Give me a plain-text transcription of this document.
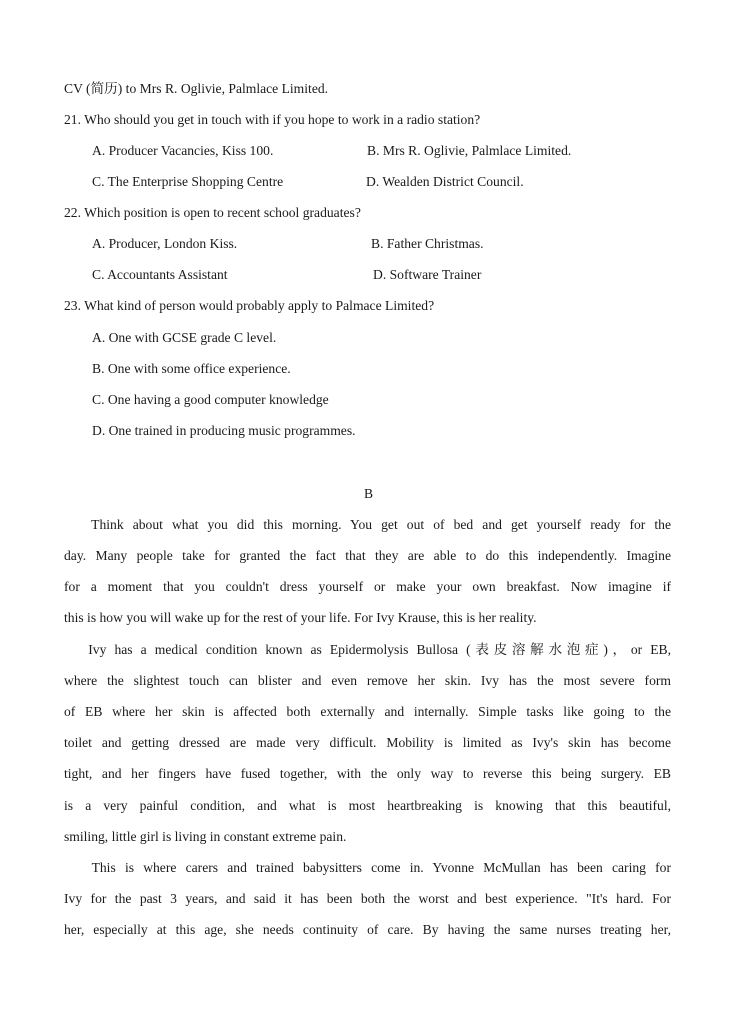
CV (简历) to Mrs R. Oglivie, Palmlace Limited.
21. Who should you get in touch with if you hope to work in a radio station?
A. Producer Vacancies, Kiss 100.	B. Mrs R. Oglivie, Palmlace Limited.
C. The Enterprise Shopping Centre	D. Wealden District Council.
22. Which position is open to recent school graduates?
A. Producer, London Kiss.	B. Father Christmas.
C. Accountants Assistant	D. Software Trainer
23. What kind of person would probably apply to Palmace Limited?
A. One with GCSE grade C level.
B. One with some office experience.
C. One having a good computer knowledge
D. One trained in producing music programmes.
B
Think about what you did this morning. You get out of bed and get yourself ready for the
day. Many people take for granted the fact that they are able to do this independently. Imagine
for a moment that you couldn't dress yourself or make your own breakfast. Now imagine if
this is how you will wake up for the rest of your life. For Ivy Krause, this is her reality.
Ivy has a medical condition known as Epidermolysis Bullosa (表皮溶解水泡症)，or EB,
where the slightest touch can blister and even remove her skin. Ivy has the most severe form
of EB where her skin is affected both externally and internally. Simple tasks like going to the
toilet and getting dressed are made very difficult. Mobility is limited as Ivy's skin has become
tight, and her fingers have fused together, with the only way to reverse this being surgery. EB
is a very painful condition, and what is most heartbreaking is knowing that this beautiful,
smiling, little girl is living in constant extreme pain.
This is where carers and trained babysitters come in. Yvonne McMullan has been caring for
Ivy for the past 3 years, and said it has been both the worst and best experience. "It's hard. For
her, especially at this age, she needs continuity of care. By having the same nurses treating her,
